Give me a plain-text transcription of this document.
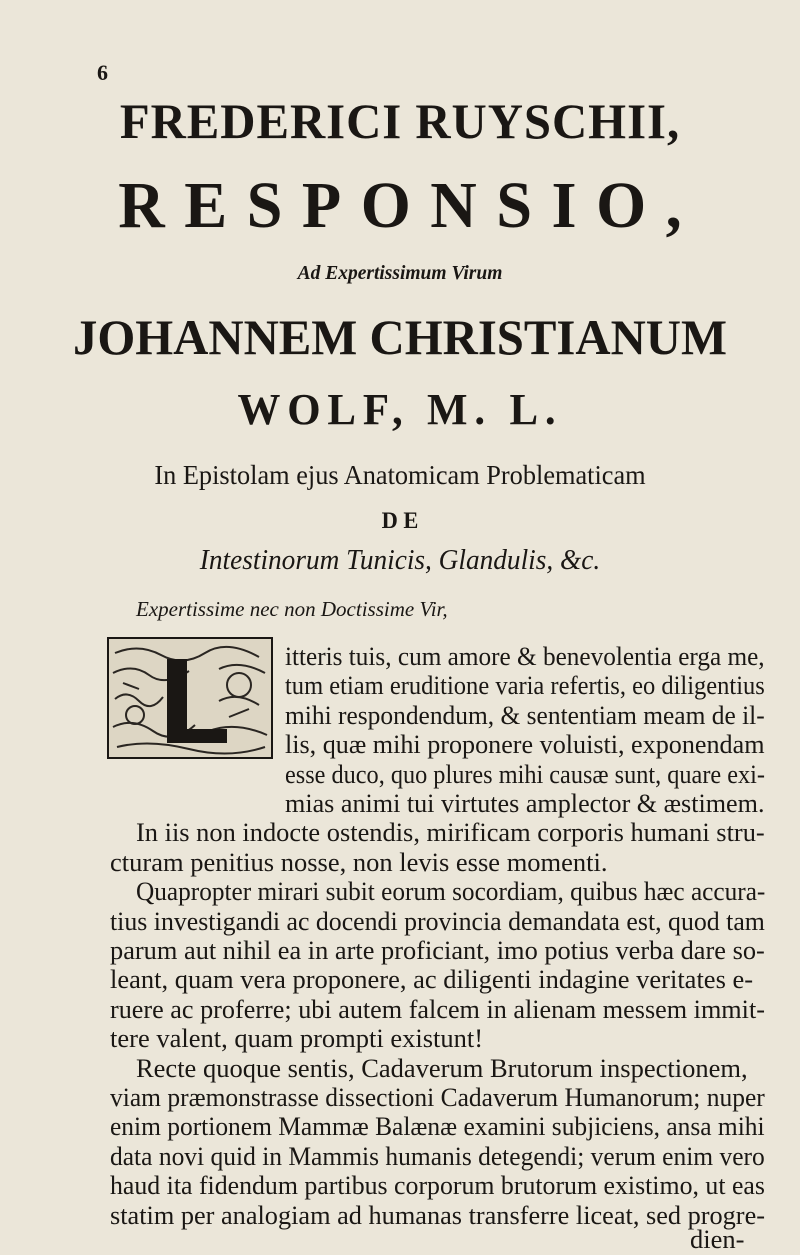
6
FREDERICI RUYSCHII,
RESPONSIO,
Ad Expertissimum Virum
JOHANNEM CHRISTIANUM
WOLF, M. L.
In Epistolam ejus Anatomicam Problematicam
D E
Intestinorum Tunicis, Glandulis, &c.
Expertissime nec non Doctissime Vir,
itteris tuis, cum amore & benevolentia erga me,
tum etiam eruditione varia refertis, eo diligentius
mihi respondendum, & sententiam meam de il-
lis, quæ mihi proponere voluisti, exponendam
esse duco, quo plures mihi causæ sunt, quare exi-
mias animi tui virtutes amplector & æstimem.
In iis non indocte ostendis, mirificam corporis humani stru-
cturam penitius nosse, non levis esse momenti.
Quapropter mirari subit eorum socordiam, quibus hæc accura-
tius investigandi ac docendi provincia demandata est, quod tam
parum aut nihil ea in arte proficiant, imo potius verba dare so-
leant, quam vera proponere, ac diligenti indagine veritates e-
ruere ac proferre; ubi autem falcem in alienam messem immit-
tere valent, quam prompti existunt!
Recte quoque sentis, Cadaverum Brutorum inspectionem,
viam præmonstrasse dissectioni Cadaverum Humanorum; nuper
enim portionem Mammæ Balænæ examini subjiciens, ansa mihi
data novi quid in Mammis humanis detegendi; verum enim vero
haud ita fidendum partibus corporum brutorum existimo, ut eas
statim per analogiam ad humanas transferre liceat, sed progre-
dien-
